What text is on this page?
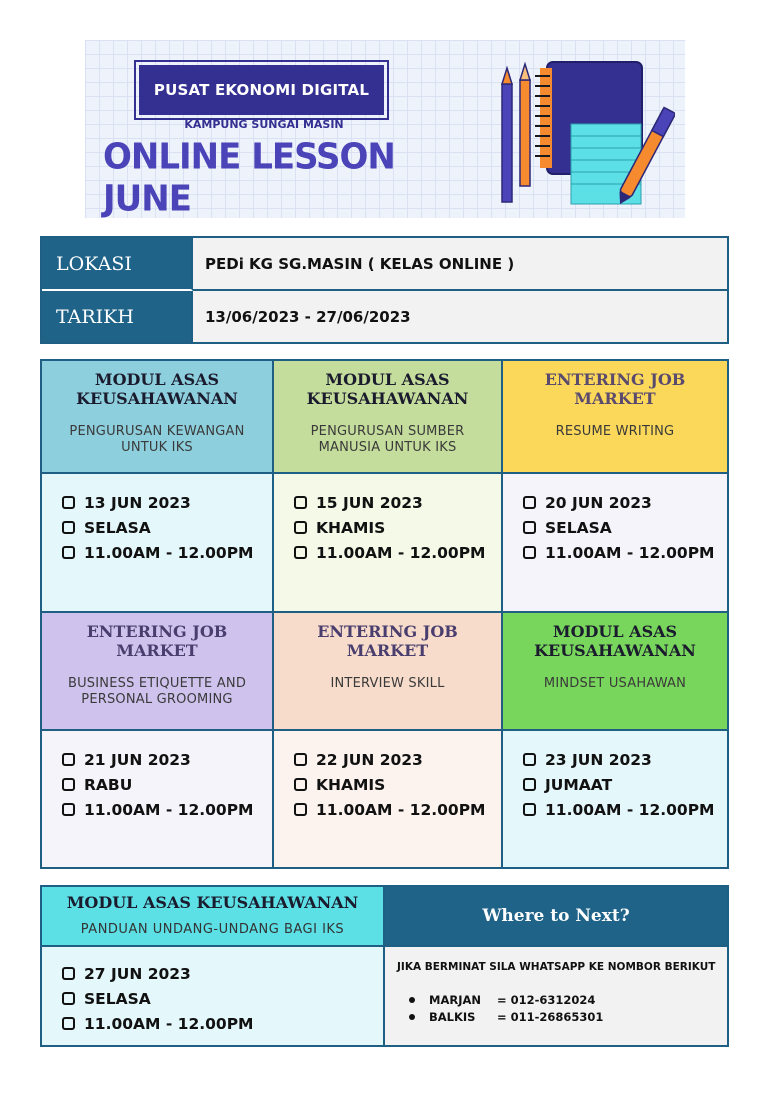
PUSAT EKONOMI DIGITAL
KAMPUNG SUNGAI MASIN
ONLINE LESSON JUNE
LOKASI	PEDi KG SG.MASIN ( KELAS ONLINE )
TARIKH	13/06/2023 - 27/06/2023
MODUL ASAS KEUSAHAWANAN
PENGURUSAN KEWANGAN UNTUK IKS
MODUL ASAS KEUSAHAWANAN
PENGURUSAN SUMBER MANUSIA UNTUK IKS
ENTERING JOB MARKET
RESUME WRITING
13 JUN 2023
SELASA
11.00AM - 12.00PM
15 JUN 2023
KHAMIS
11.00AM - 12.00PM
20 JUN 2023
SELASA
11.00AM - 12.00PM
ENTERING JOB MARKET
BUSINESS ETIQUETTE AND PERSONAL GROOMING
ENTERING JOB MARKET
INTERVIEW SKILL
MODUL ASAS KEUSAHAWANAN
MINDSET USAHAWAN
21 JUN 2023
RABU
11.00AM - 12.00PM
22 JUN 2023
KHAMIS
11.00AM - 12.00PM
23 JUN 2023
JUMAAT
11.00AM - 12.00PM
MODUL ASAS KEUSAHAWANAN
PANDUAN UNDANG-UNDANG BAGI IKS
Where to Next?
27 JUN 2023
SELASA
11.00AM - 12.00PM
JIKA BERMINAT SILA WHATSAPP KE NOMBOR BERIKUT
MARJAN	= 012-6312024
BALKIS	= 011-26865301
